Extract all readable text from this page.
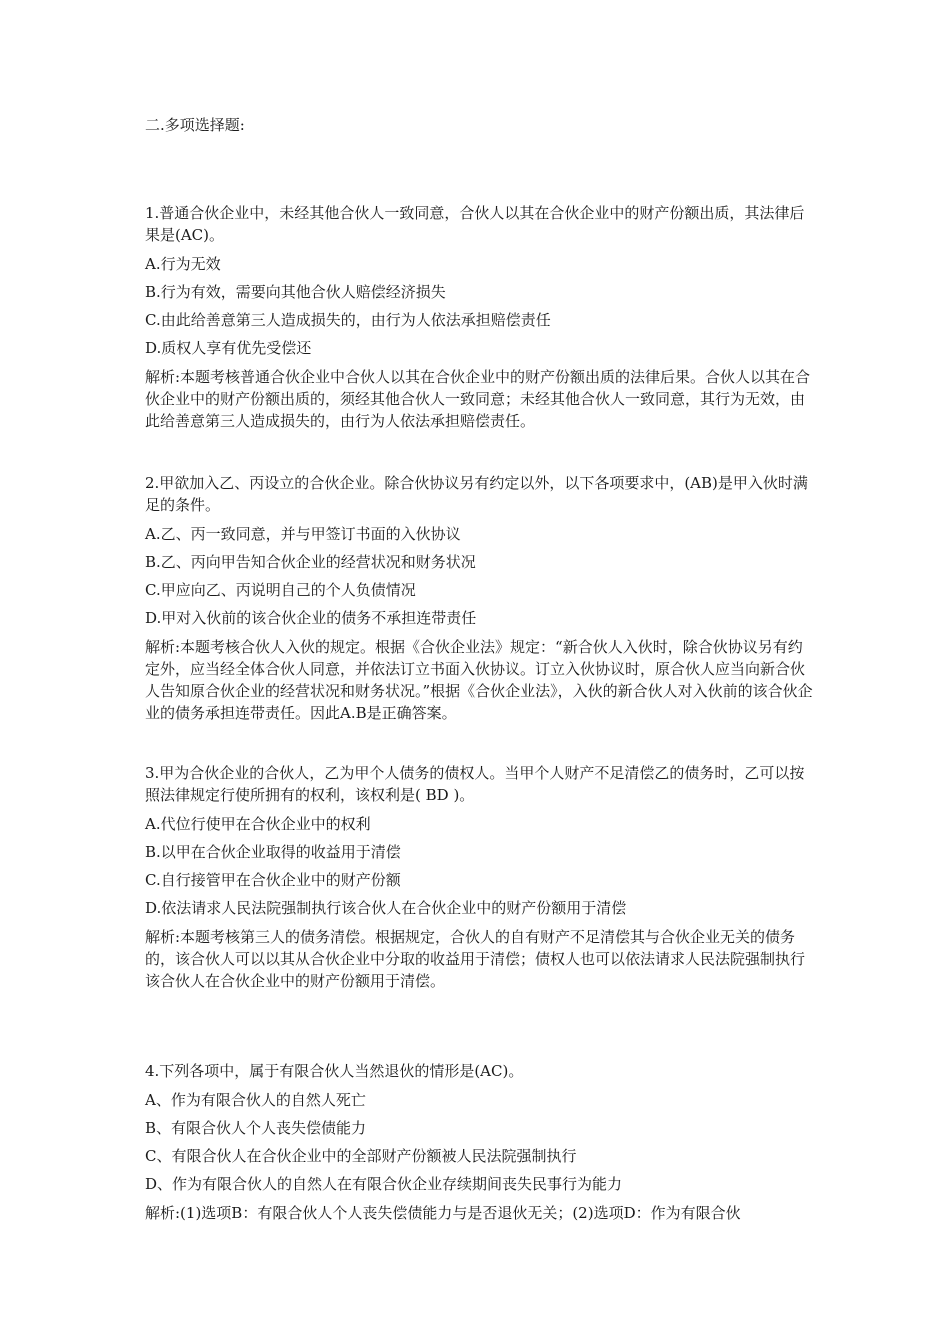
二.多项选择题:

1.普通合伙企业中，未经其他合伙人一致同意，合伙人以其在合伙企业中的财产份额出质，其法律后果是(AC)。

A.行为无效
B.行为有效，需要向其他合伙人赔偿经济损失
C.由此给善意第三人造成损失的，由行为人依法承担赔偿责任
D.质权人享有优先受偿还

解析:本题考核普通合伙企业中合伙人以其在合伙企业中的财产份额出质的法律后果。合伙人以其在合伙企业中的财产份额出质的，须经其他合伙人一致同意；未经其他合伙人一致同意，其行为无效，由此给善意第三人造成损失的，由行为人依法承担赔偿责任。

2.甲欲加入乙、丙设立的合伙企业。除合伙协议另有约定以外，以下各项要求中，(AB)是甲入伙时满足的条件。

A.乙、丙一致同意，并与甲签订书面的入伙协议
B.乙、丙向甲告知合伙企业的经营状况和财务状况
C.甲应向乙、丙说明自己的个人负债情况
D.甲对入伙前的该合伙企业的债务不承担连带责任

解析:本题考核合伙人入伙的规定。根据《合伙企业法》规定：“新合伙人入伙时，除合伙协议另有约定外，应当经全体合伙人同意，并依法订立书面入伙协议。订立入伙协议时，原合伙人应当向新合伙人告知原合伙企业的经营状况和财务状况。”根据《合伙企业法》，入伙的新合伙人对入伙前的该合伙企业的债务承担连带责任。因此A.B是正确答案。

3.甲为合伙企业的合伙人，乙为甲个人债务的债权人。当甲个人财产不足清偿乙的债务时，乙可以按照法律规定行使所拥有的权利，该权利是( BD )。

A.代位行使甲在合伙企业中的权利
B.以甲在合伙企业取得的收益用于清偿
C.自行接管甲在合伙企业中的财产份额
D.依法请求人民法院强制执行该合伙人在合伙企业中的财产份额用于清偿

解析:本题考核第三人的债务清偿。根据规定，合伙人的自有财产不足清偿其与合伙企业无关的债务的，该合伙人可以以其从合伙企业中分取的收益用于清偿；债权人也可以依法请求人民法院强制执行该合伙人在合伙企业中的财产份额用于清偿。

4.下列各项中，属于有限合伙人当然退伙的情形是(AC)。

A、作为有限合伙人的自然人死亡
B、有限合伙人个人丧失偿债能力
C、有限合伙人在合伙企业中的全部财产份额被人民法院强制执行
D、作为有限合伙人的自然人在有限合伙企业存续期间丧失民事行为能力

解析:(1)选项B：有限合伙人个人丧失偿债能力与是否退伙无关；(2)选项D：作为有限合伙
